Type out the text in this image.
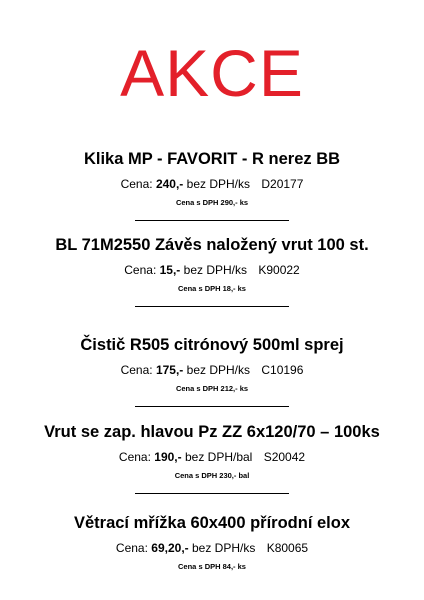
AKCE
Klika MP - FAVORIT - R nerez BB
Cena: 240,- bez DPH/ks D20177
Cena s DPH 290,- ks
BL 71M2550 Závěs naložený vrut 100 st.
Cena: 15,- bez DPH/ks K90022
Cena s DPH 18,- ks
Čistič R505 citrónový 500ml sprej
Cena: 175,- bez DPH/ks C10196
Cena s DPH 212,- ks
Vrut se zap. hlavou Pz ZZ 6x120/70 – 100ks
Cena: 190,- bez DPH/bal S20042
Cena s DPH 230,- bal
Větrací mřížka 60x400 přírodní elox
Cena: 69,20,- bez DPH/ks K80065
Cena s DPH 84,- ks
